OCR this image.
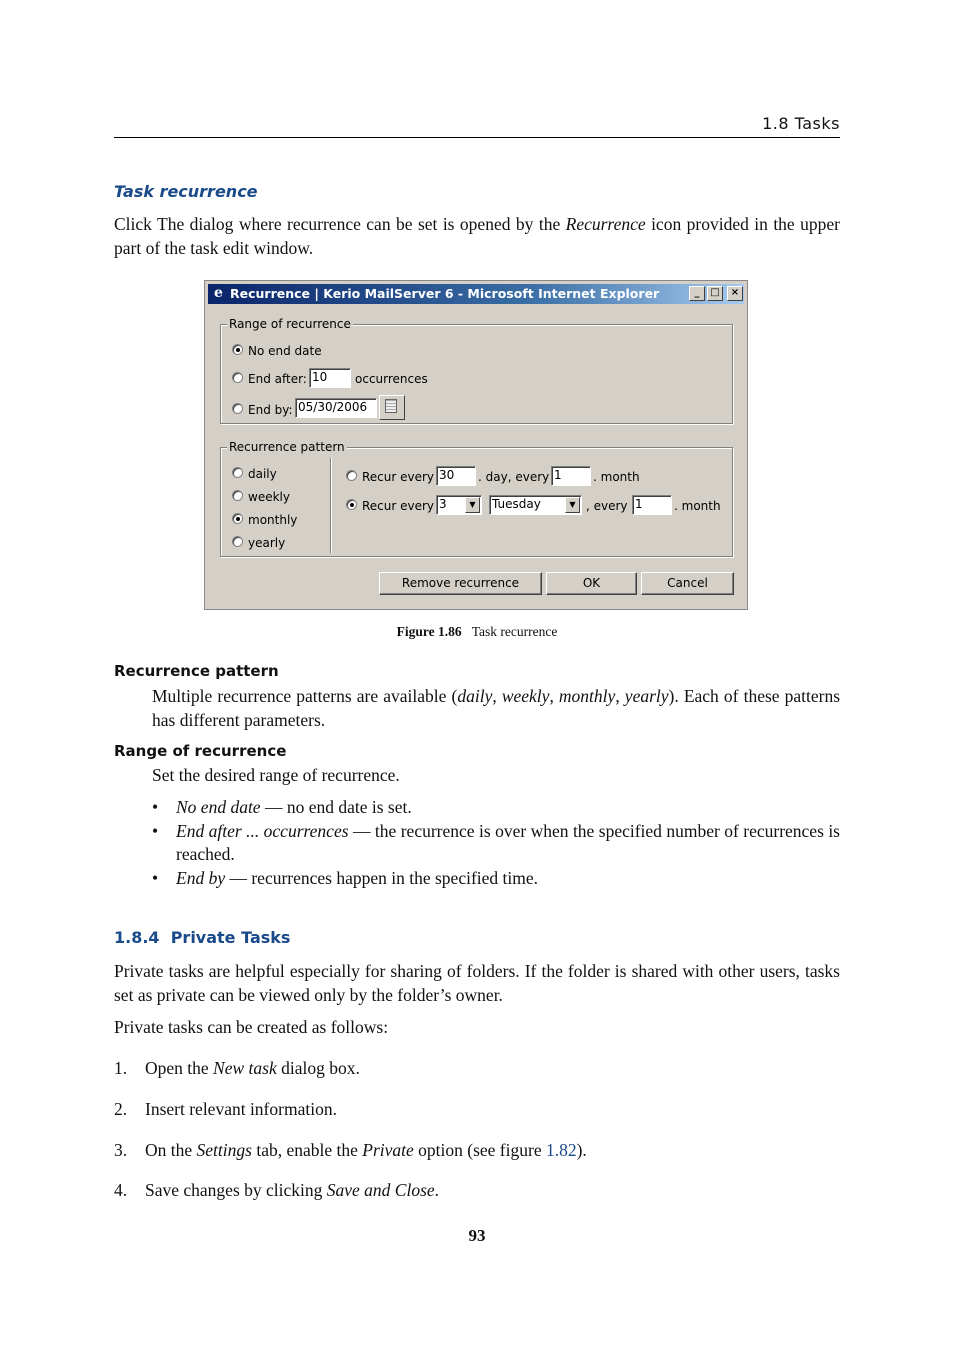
1.8 Tasks
Task recurrence
Click The dialog where recurrence can be set is opened by the Recurrence icon provided in the upper part of the task edit window.
e Recurrence | Kerio MailServer 6 - Microsoft Internet Explorer	_	□	×
Range of recurrence
No end date
End after: 10	occurrences
End by: 05/30/2006
Recurrence pattern
daily
weekly
monthly
yearly
Recur every 30	. day, every 1	. month
Recur every 3	▼	Tuesday	▼ , every 1	. month
Remove recurrence	OK	Cancel
Figure 1.86 Task recurrence
Recurrence pattern
Multiple recurrence patterns are available (daily, weekly, monthly, yearly). Each of these patterns has different parameters.
Range of recurrence
Set the desired range of recurrence.
• No end date — no end date is set.
• End after ... occurrences — the recurrence is over when the specified number of recurrences is reached.
• End by — recurrences happen in the specified time.
1.8.4 Private Tasks
Private tasks are helpful especially for sharing of folders. If the folder is shared with other users, tasks set as private can be viewed only by the folder’s owner.
Private tasks can be created as follows:
1. Open the New task dialog box.
2. Insert relevant information.
3. On the Settings tab, enable the Private option (see figure 1.82).
4. Save changes by clicking Save and Close.
93
